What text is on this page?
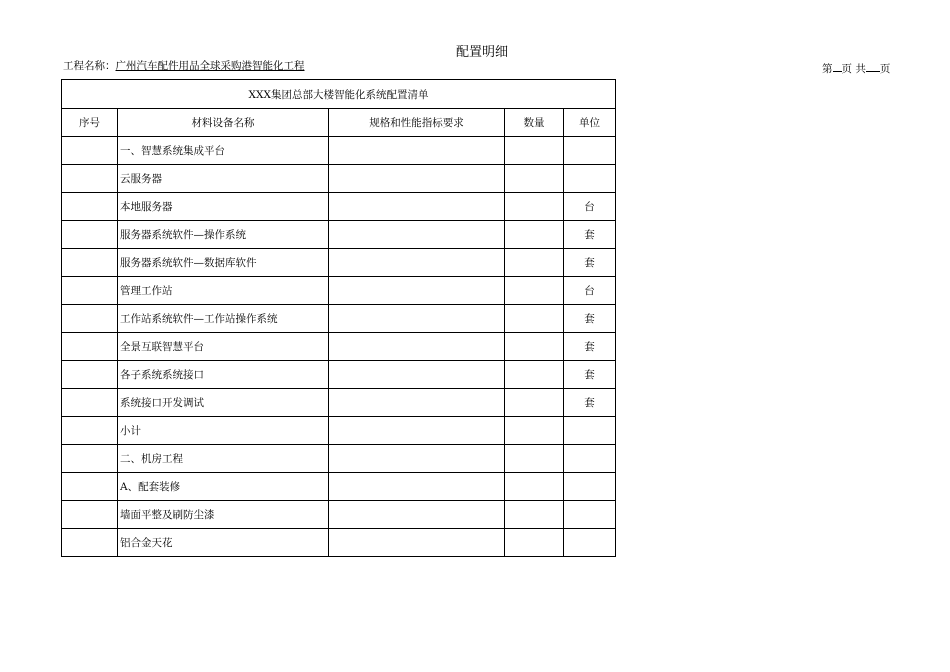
配置明细
工程名称：广州汽车配件用品全球采购港智能化工程	第 页 共 页
XXX集团总部大楼智能化系统配置清单				
序号	材料设备名称	规格和性能指标要求	数量	单位
	一、智慧系统集成平台			
	云服务器			
	本地服务器			台
	服务器系统软件—操作系统			套
	服务器系统软件—数据库软件			套
	管理工作站			台
	工作站系统软件—工作站操作系统			套
	全景互联智慧平台			套
	各子系统系统接口			套
	系统接口开发调试			套
	小计			
	二、机房工程			
	A、配套装修			
	墙面平整及刷防尘漆			
	铝合金天花			
